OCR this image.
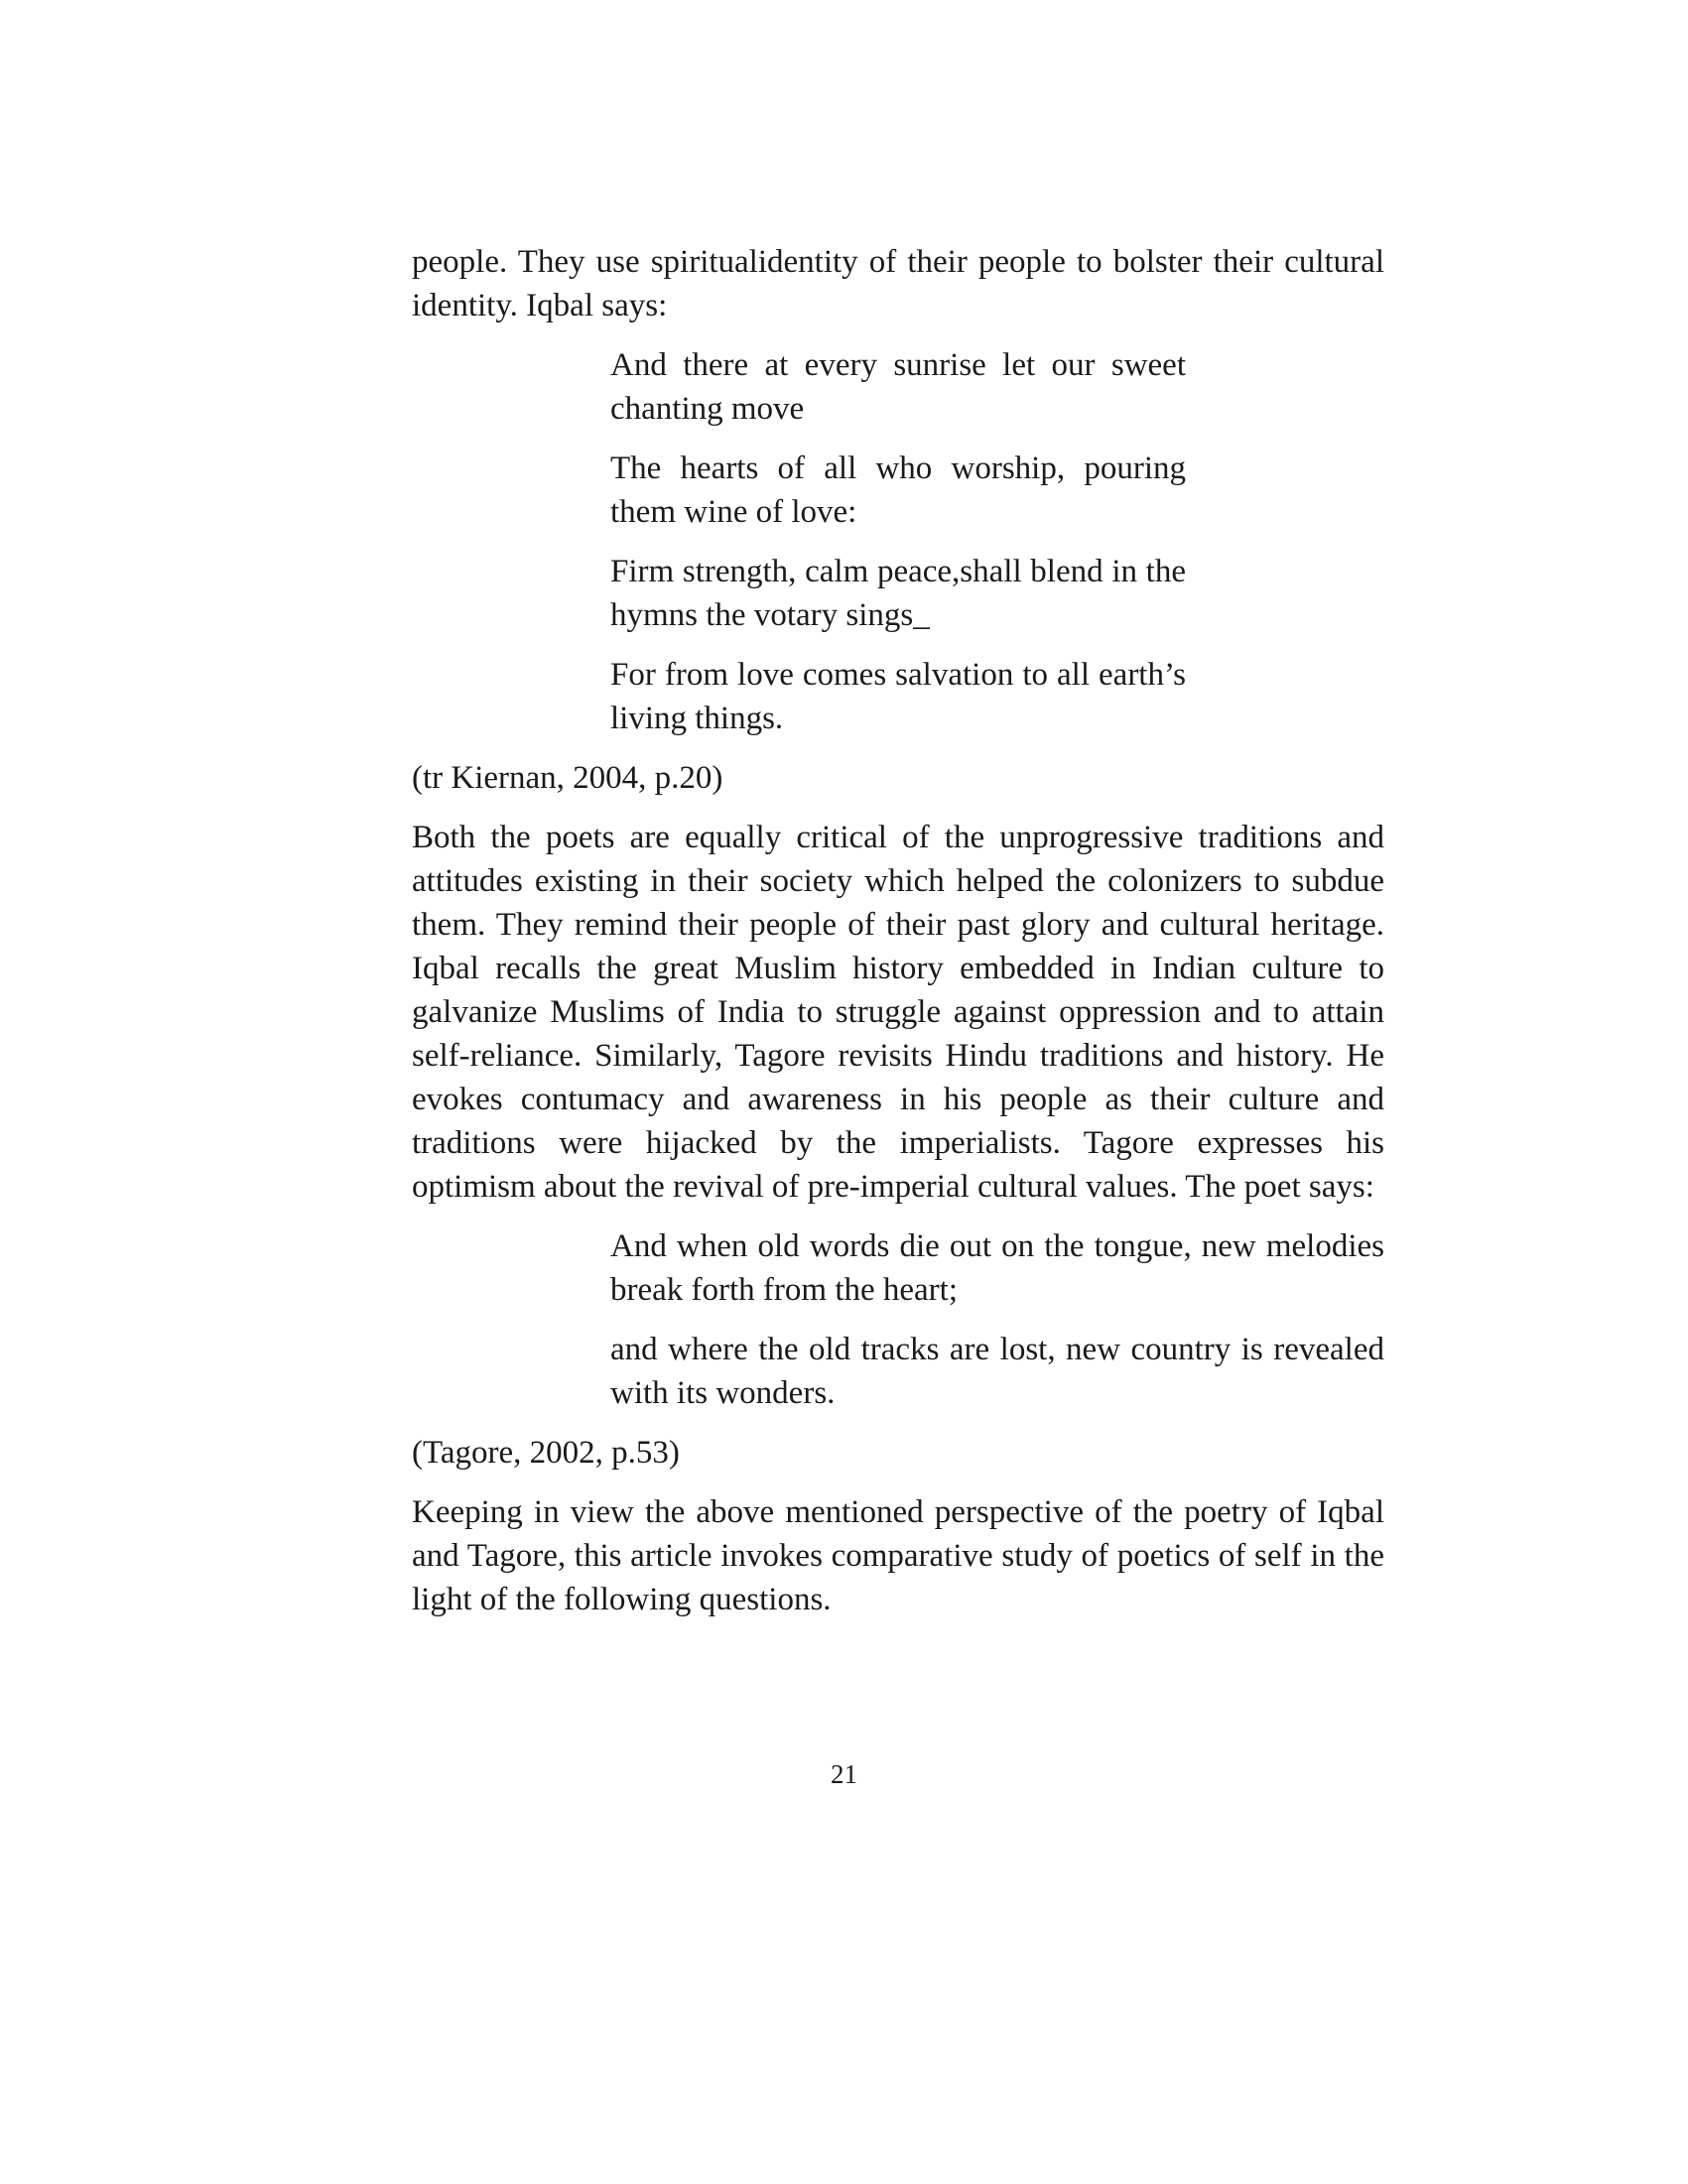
people. They use spiritualidentity of their people to bolster their cultural identity. Iqbal says:

And there at every sunrise let our sweet chanting move

The hearts of all who worship, pouring them wine of love:

Firm strength, calm peace,shall blend in the hymns the votary sings_

For from love comes salvation to all earth’s living things.

(tr Kiernan, 2004, p.20)

Both the poets are equally critical of the unprogressive traditions and attitudes existing in their society which helped the colonizers to subdue them. They remind their people of their past glory and cultural heritage. Iqbal recalls the great Muslim history embedded in Indian culture to galvanize Muslims of India to struggle against oppression and to attain self-reliance. Similarly, Tagore revisits Hindu traditions and history. He evokes contumacy and awareness in his people as their culture and traditions were hijacked by the imperialists. Tagore expresses his optimism about the revival of pre-imperial cultural values. The poet says:

And when old words die out on the tongue, new melodies break forth from the heart;

and where the old tracks are lost, new country is revealed with its wonders.

(Tagore, 2002, p.53)

Keeping in view the above mentioned perspective of the poetry of Iqbal and Tagore, this article invokes comparative study of poetics of self in the light of the following questions.

21
